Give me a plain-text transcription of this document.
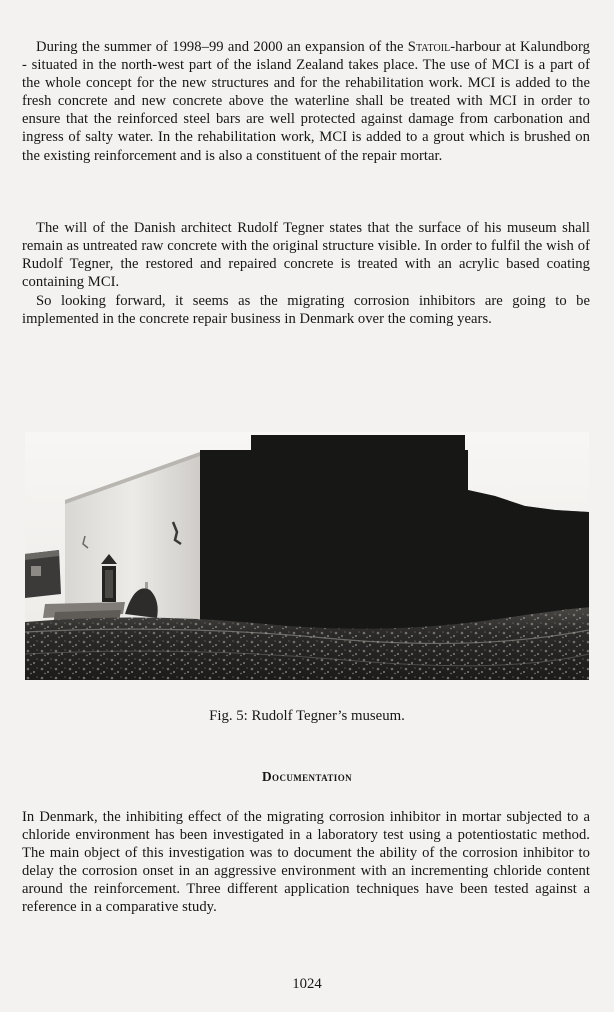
During the summer of 1998–99 and 2000 an expansion of the Statoil-harbour at Kalundborg - situated in the north-west part of the island Zealand takes place. The use of MCI is a part of the whole concept for the new structures and for the rehabilitation work. MCI is added to the fresh concrete and new concrete above the waterline shall be treated with MCI in order to ensure that the reinforced steel bars are well protected against damage from carbonation and ingress of salty water. In the rehabilitation work, MCI is added to a grout which is brushed on the existing reinforcement and is also a constituent of the repair mortar.

The will of the Danish architect Rudolf Tegner states that the surface of his museum shall remain as untreated raw concrete with the original structure visible. In order to fulfil the wish of Rudolf Tegner, the restored and repaired concrete is treated with an acrylic based coating containing MCI.

So looking forward, it seems as the migrating corrosion inhibitors are going to be implemented in the concrete repair business in Denmark over the coming years.

Fig. 5: Rudolf Tegner’s museum.
Documentation

In Denmark, the inhibiting effect of the migrating corrosion inhibitor in mortar subjected to a chloride environment has been investigated in a laboratory test using a potentiostatic method. The main object of this investigation was to document the ability of the corrosion inhibitor to delay the corrosion onset in an aggressive environment with an incrementing chloride content around the reinforcement. Three different application techniques have been tested against a reference in a comparative study.

1024
